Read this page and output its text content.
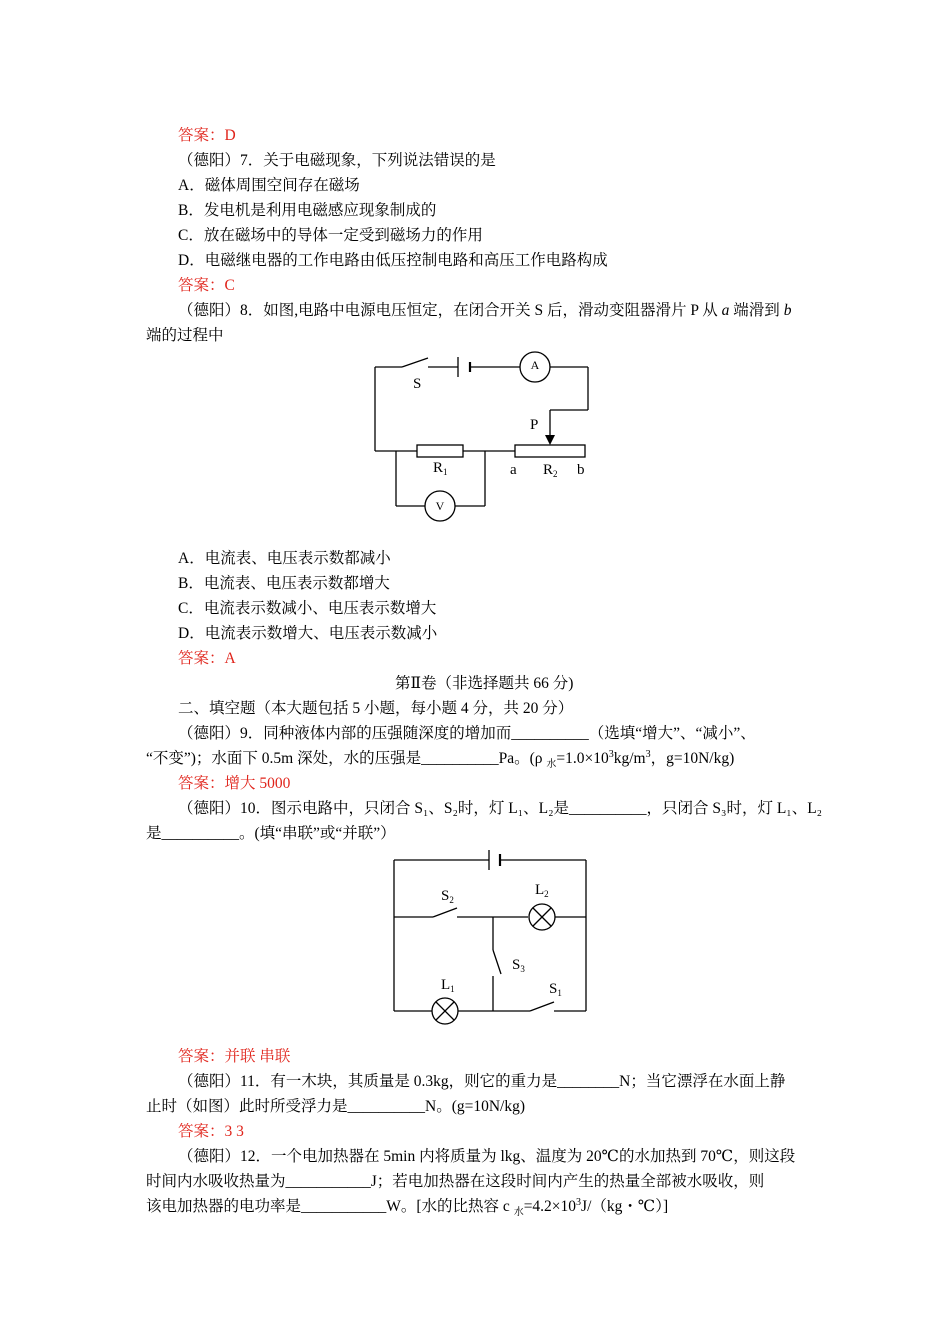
答案：D
（德阳）7．关于电磁现象，下列说法错误的是
A．磁体周围空间存在磁场
B．发电机是利用电磁感应现象制成的
C．放在磁场中的导体一定受到磁场力的作用
D．电磁继电器的工作电路由低压控制电路和高压工作电路构成
答案：C
（德阳）8．如图,电路中电源电压恒定，在闭合开关 S 后，滑动变阻器滑片 P 从 a 端滑到 b
端的过程中
A
V
S
P
$R_1$	$R_2$
a	b
A．电流表、电压表示数都减小
B．电流表、电压表示数都增大
C．电流表示数减小、电压表示数增大
D．电流表示数增大、电压表示数减小
答案：A
第Ⅱ卷（非选择题共 66 分)
二、填空题（本大题包括 5 小题，每小题 4 分，共 20 分）
（德阳）9．同种液体内部的压强随深度的增加而__________（选填“增大”、“减小”、
“不变”)；水面下 0.5m 深处，水的压强是__________Pa。(ρ $_水=1.0\times 10^3kg/m^3$，g=10N/kg)
答案：增大 5000
（德阳）10．图示电路中，只闭合 S₁、S₂时，灯 L₁、L₂是__________，只闭合 S₃时，灯 L₁、L₂
是__________。(填“串联”或“并联”）
$S_2$
$L_2$
$S_3$
$L_1$	$S_1$
答案：并联 串联
（德阳）11．有一木块，其质量是 0.3kg，则它的重力是________N；当它漂浮在水面上静
止时（如图）此时所受浮力是__________N。(g=10N/kg)
答案：3 3
（德阳）12．一个电加热器在 5min 内将质量为 lkg、温度为 20℃的水加热到 70℃，则这段
时间内水吸收热量为___________J；若电加热器在这段时间内产生的热量全部被水吸收，则
该电加热器的电功率是___________W。[水的比热容 c $_水=4.2\times 10^3J/(kg$・℃）]
